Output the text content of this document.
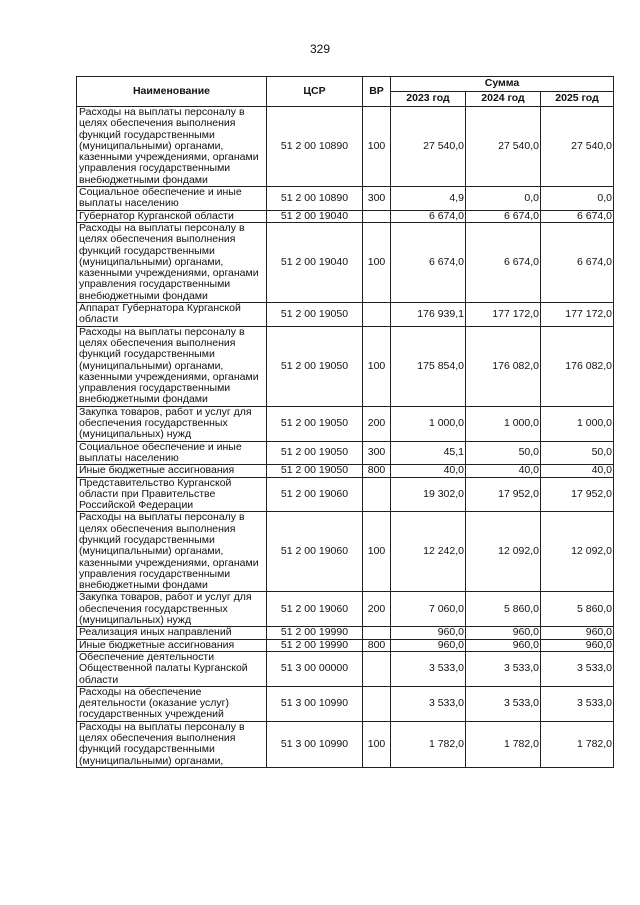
329
Наименование	ЦСР	ВР	Сумма		
			2023 год	2024 год	2025 год
Расходы на выплаты персоналу в целях обеспечения выполнения функций государственными (муниципальными) органами, казенными учреждениями, органами управления государственными внебюджетными фондами	51 2 00 10890	100	27 540,0	27 540,0	27 540,0
Социальное обеспечение и иные выплаты населению	51 2 00 10890	300	4,9	0,0	0,0
Губернатор Курганской области	51 2 00 19040		6 674,0	6 674,0	6 674,0
Расходы на выплаты персоналу в целях обеспечения выполнения функций государственными (муниципальными) органами, казенными учреждениями, органами управления государственными внебюджетными фондами	51 2 00 19040	100	6 674,0	6 674,0	6 674,0
Аппарат Губернатора Курганской области	51 2 00 19050		176 939,1	177 172,0	177 172,0
Расходы на выплаты персоналу в целях обеспечения выполнения функций государственными (муниципальными) органами, казенными учреждениями, органами управления государственными внебюджетными фондами	51 2 00 19050	100	175 854,0	176 082,0	176 082,0
Закупка товаров, работ и услуг для обеспечения государственных (муниципальных) нужд	51 2 00 19050	200	1 000,0	1 000,0	1 000,0
Социальное обеспечение и иные выплаты населению	51 2 00 19050	300	45,1	50,0	50,0
Иные бюджетные ассигнования	51 2 00 19050	800	40,0	40,0	40,0
Представительство Курганской области при Правительстве Российской Федерации	51 2 00 19060		19 302,0	17 952,0	17 952,0
Расходы на выплаты персоналу в целях обеспечения выполнения функций государственными (муниципальными) органами, казенными учреждениями, органами управления государственными внебюджетными фондами	51 2 00 19060	100	12 242,0	12 092,0	12 092,0
Закупка товаров, работ и услуг для обеспечения государственных (муниципальных) нужд	51 2 00 19060	200	7 060,0	5 860,0	5 860,0
Реализация иных направлений	51 2 00 19990		960,0	960,0	960,0
Иные бюджетные ассигнования	51 2 00 19990	800	960,0	960,0	960,0
Обеспечение деятельности Общественной палаты Курганской области	51 3 00 00000		3 533,0	3 533,0	3 533,0
Расходы на обеспечение деятельности (оказание услуг) государственных учреждений	51 3 00 10990		3 533,0	3 533,0	3 533,0
Расходы на выплаты персоналу в целях обеспечения выполнения функций государственными (муниципальными) органами,	51 3 00 10990	100	1 782,0	1 782,0	1 782,0
